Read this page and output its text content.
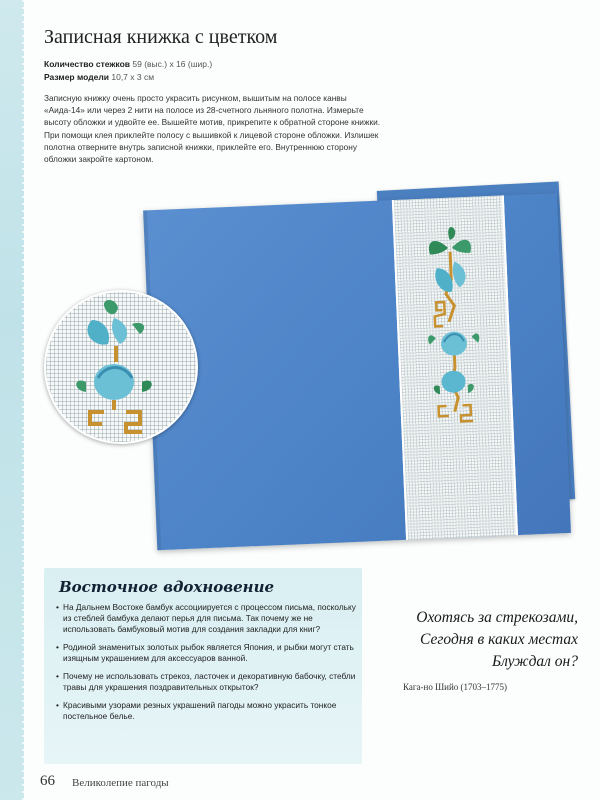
Записная книжка с цветком
Количество стежков 59 (выс.) х 16 (шир.)
Размер модели 10,7 х 3 см

Записную книжку очень просто украсить рисунком, вышитым на полосе канвы «Аида-14» или через 2 нити на полосе из 28-счетного льняного полотна. Измерьте высоту обложки и удвойте ее. Вышейте мотив, прикрепите к обратной стороне книжки. При помощи клея приклейте полосу с вышивкой к лицевой стороне обложки. Излишек полотна отверните внутрь записной книжки, приклейте его. Внутреннюю сторону обложки закройте картоном.

Восточное вдохновение
• На Дальнем Востоке бамбук ассоциируется с процессом письма, поскольку из стеблей бамбука делают перья для письма. Так почему же не использовать бамбуковый мотив для создания закладки для книг?
• Родиной знаменитых золотых рыбок является Япония, и рыбки могут стать изящным украшением для аксессуаров ванной.
• Почему не использовать стрекоз, ласточек и декоративную бабочку, стебли травы для украшения поздравительных открыток?
• Красивыми узорами резных украшений пагоды можно украсить тонкое постельное белье.

Охотясь за стрекозами,
Сегодня в каких местах
Блуждал он?

Кага-но Шийо (1703–1775)
66 Великолепие пагоды
